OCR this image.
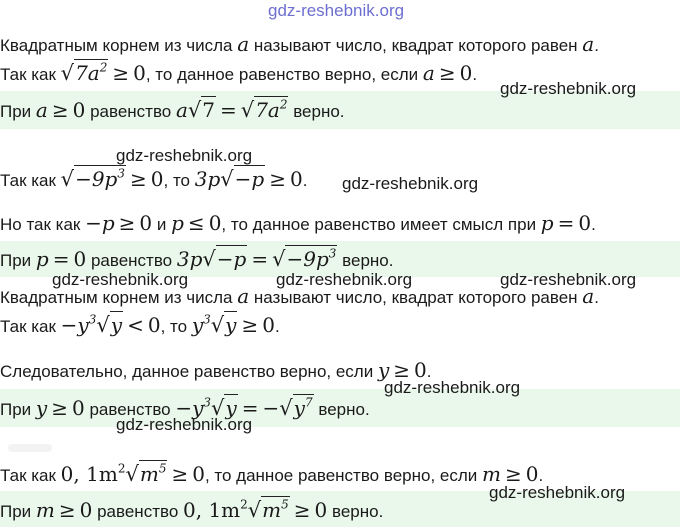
gdz-reshebnik.org
Квадратным корнем из числа a называют число, квадрат которого равен a.
Так как $√7a^2 \ge 0$, то данное равенство верно, если a ≥ 0.
При a ≥ 0 равенство $a√7 = √7a^2$ верно.
Так как $√-9p^3 \ge 0$, то 3p√−p ≥ 0.
Но так как −p ≥ 0 и p ≤ 0, то данное равенство имеет смысл при p = 0.
При p = 0 равенство $3p√-p = √-9p^3$ верно.
Квадратным корнем из числа a называют число, квадрат которого равен a.
Так как $-y^3√y < 0$, то $y^3√y \ge 0$.
Следовательно, данное равенство верно, если y ≥ 0.
При y ≥ 0 равенство $-y^3√y = -√y^7$ верно.
Так как 0, $1m^2√m^5 \ge 0$, то данное равенство верно, если m ≥ 0.
При m ≥ 0 равенство 0, $1m^2√m^5 \ge 0$ верно.
gdz-reshebnik.org
gdz-reshebnik.org
gdz-reshebnik.org
gdz-reshebnik.org	gdz-reshebnik.org	gdz-reshebnik.org
gdz-reshebnik.org
gdz-reshebnik.org
gdz-reshebnik.org
